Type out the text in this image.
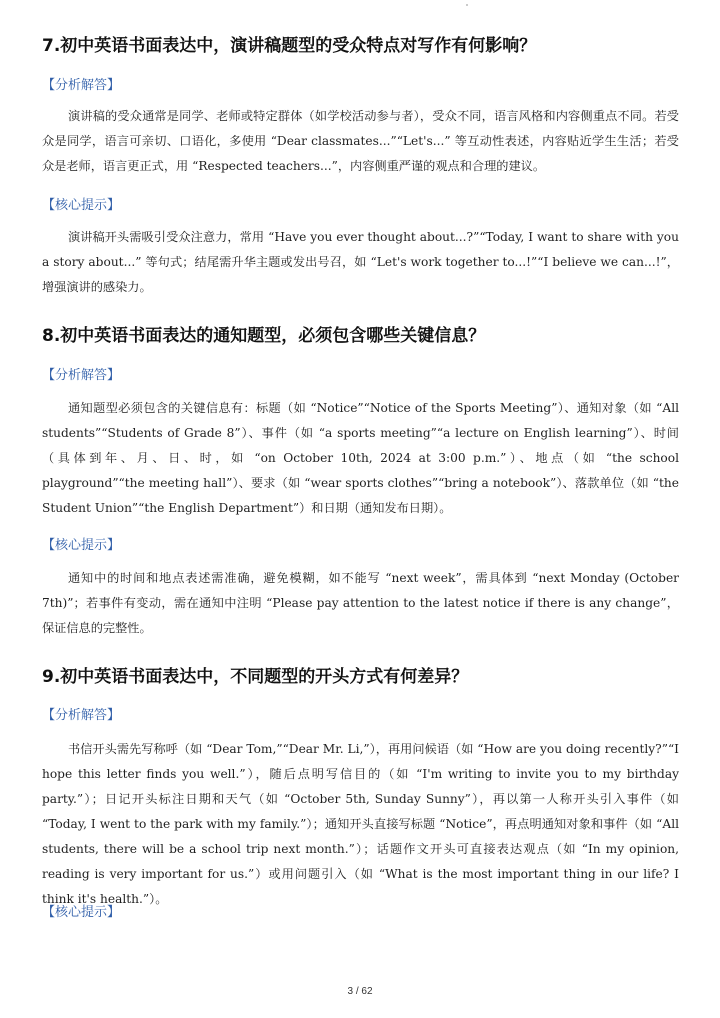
7.初中英语书面表达中，演讲稿题型的受众特点对写作有何影响？
【分析解答】

演讲稿的受众通常是同学、老师或特定群体（如学校活动参与者），受众不同，语言风格和内容侧重点不同。若受众是同学，语言可亲切、口语化，多使用 “Dear classmates...”“Let's...” 等互动性表述，内容贴近学生生活；若受众是老师，语言更正式，用 “Respected teachers...”，内容侧重严谨的观点和合理的建议。

【核心提示】

演讲稿开头需吸引受众注意力，常用 “Have you ever thought about...?”“Today, I want to share with you a story about...” 等句式；结尾需升华主题或发出号召，如 “Let's work together to...!”“I believe we can...!”，增强演讲的感染力。

8.初中英语书面表达的通知题型，必须包含哪些关键信息？
【分析解答】

通知题型必须包含的关键信息有：标题（如 “Notice”“Notice of the Sports Meeting”）、通知对象（如 “All students”“Students of Grade 8”）、事件（如 “a sports meeting”“a lecture on English learning”）、时间（具体到年、月、日、时，如 “on October 10th, 2024 at 3:00 p.m.”）、地点（如 “the school playground”“the meeting hall”）、要求（如 “wear sports clothes”“bring a notebook”）、落款单位（如 “the Student Union”“the English Department”）和日期（通知发布日期）。

【核心提示】

通知中的时间和地点表述需准确，避免模糊，如不能写 “next week”，需具体到 “next Monday (October 7th)”；若事件有变动，需在通知中注明 “Please pay attention to the latest notice if there is any change”，保证信息的完整性。

9.初中英语书面表达中，不同题型的开头方式有何差异？
【分析解答】

书信开头需先写称呼（如 “Dear Tom,”“Dear Mr. Li,”），再用问候语（如 “How are you doing recently?”“I hope this letter finds you well.”），随后点明写信目的（如 “I'm writing to invite you to my birthday party.”）；日记开头标注日期和天气（如 “October 5th, Sunday Sunny”），再以第一人称开头引入事件（如 “Today, I went to the park with my family.”）；通知开头直接写标题 “Notice”，再点明通知对象和事件（如 “All students, there will be a school trip next month.”）；话题作文开头可直接表达观点（如 “In my opinion, reading is very important for us.”）或用问题引入（如 “What is the most important thing in our life? I think it's health.”）。

【核心提示】
3 / 62
